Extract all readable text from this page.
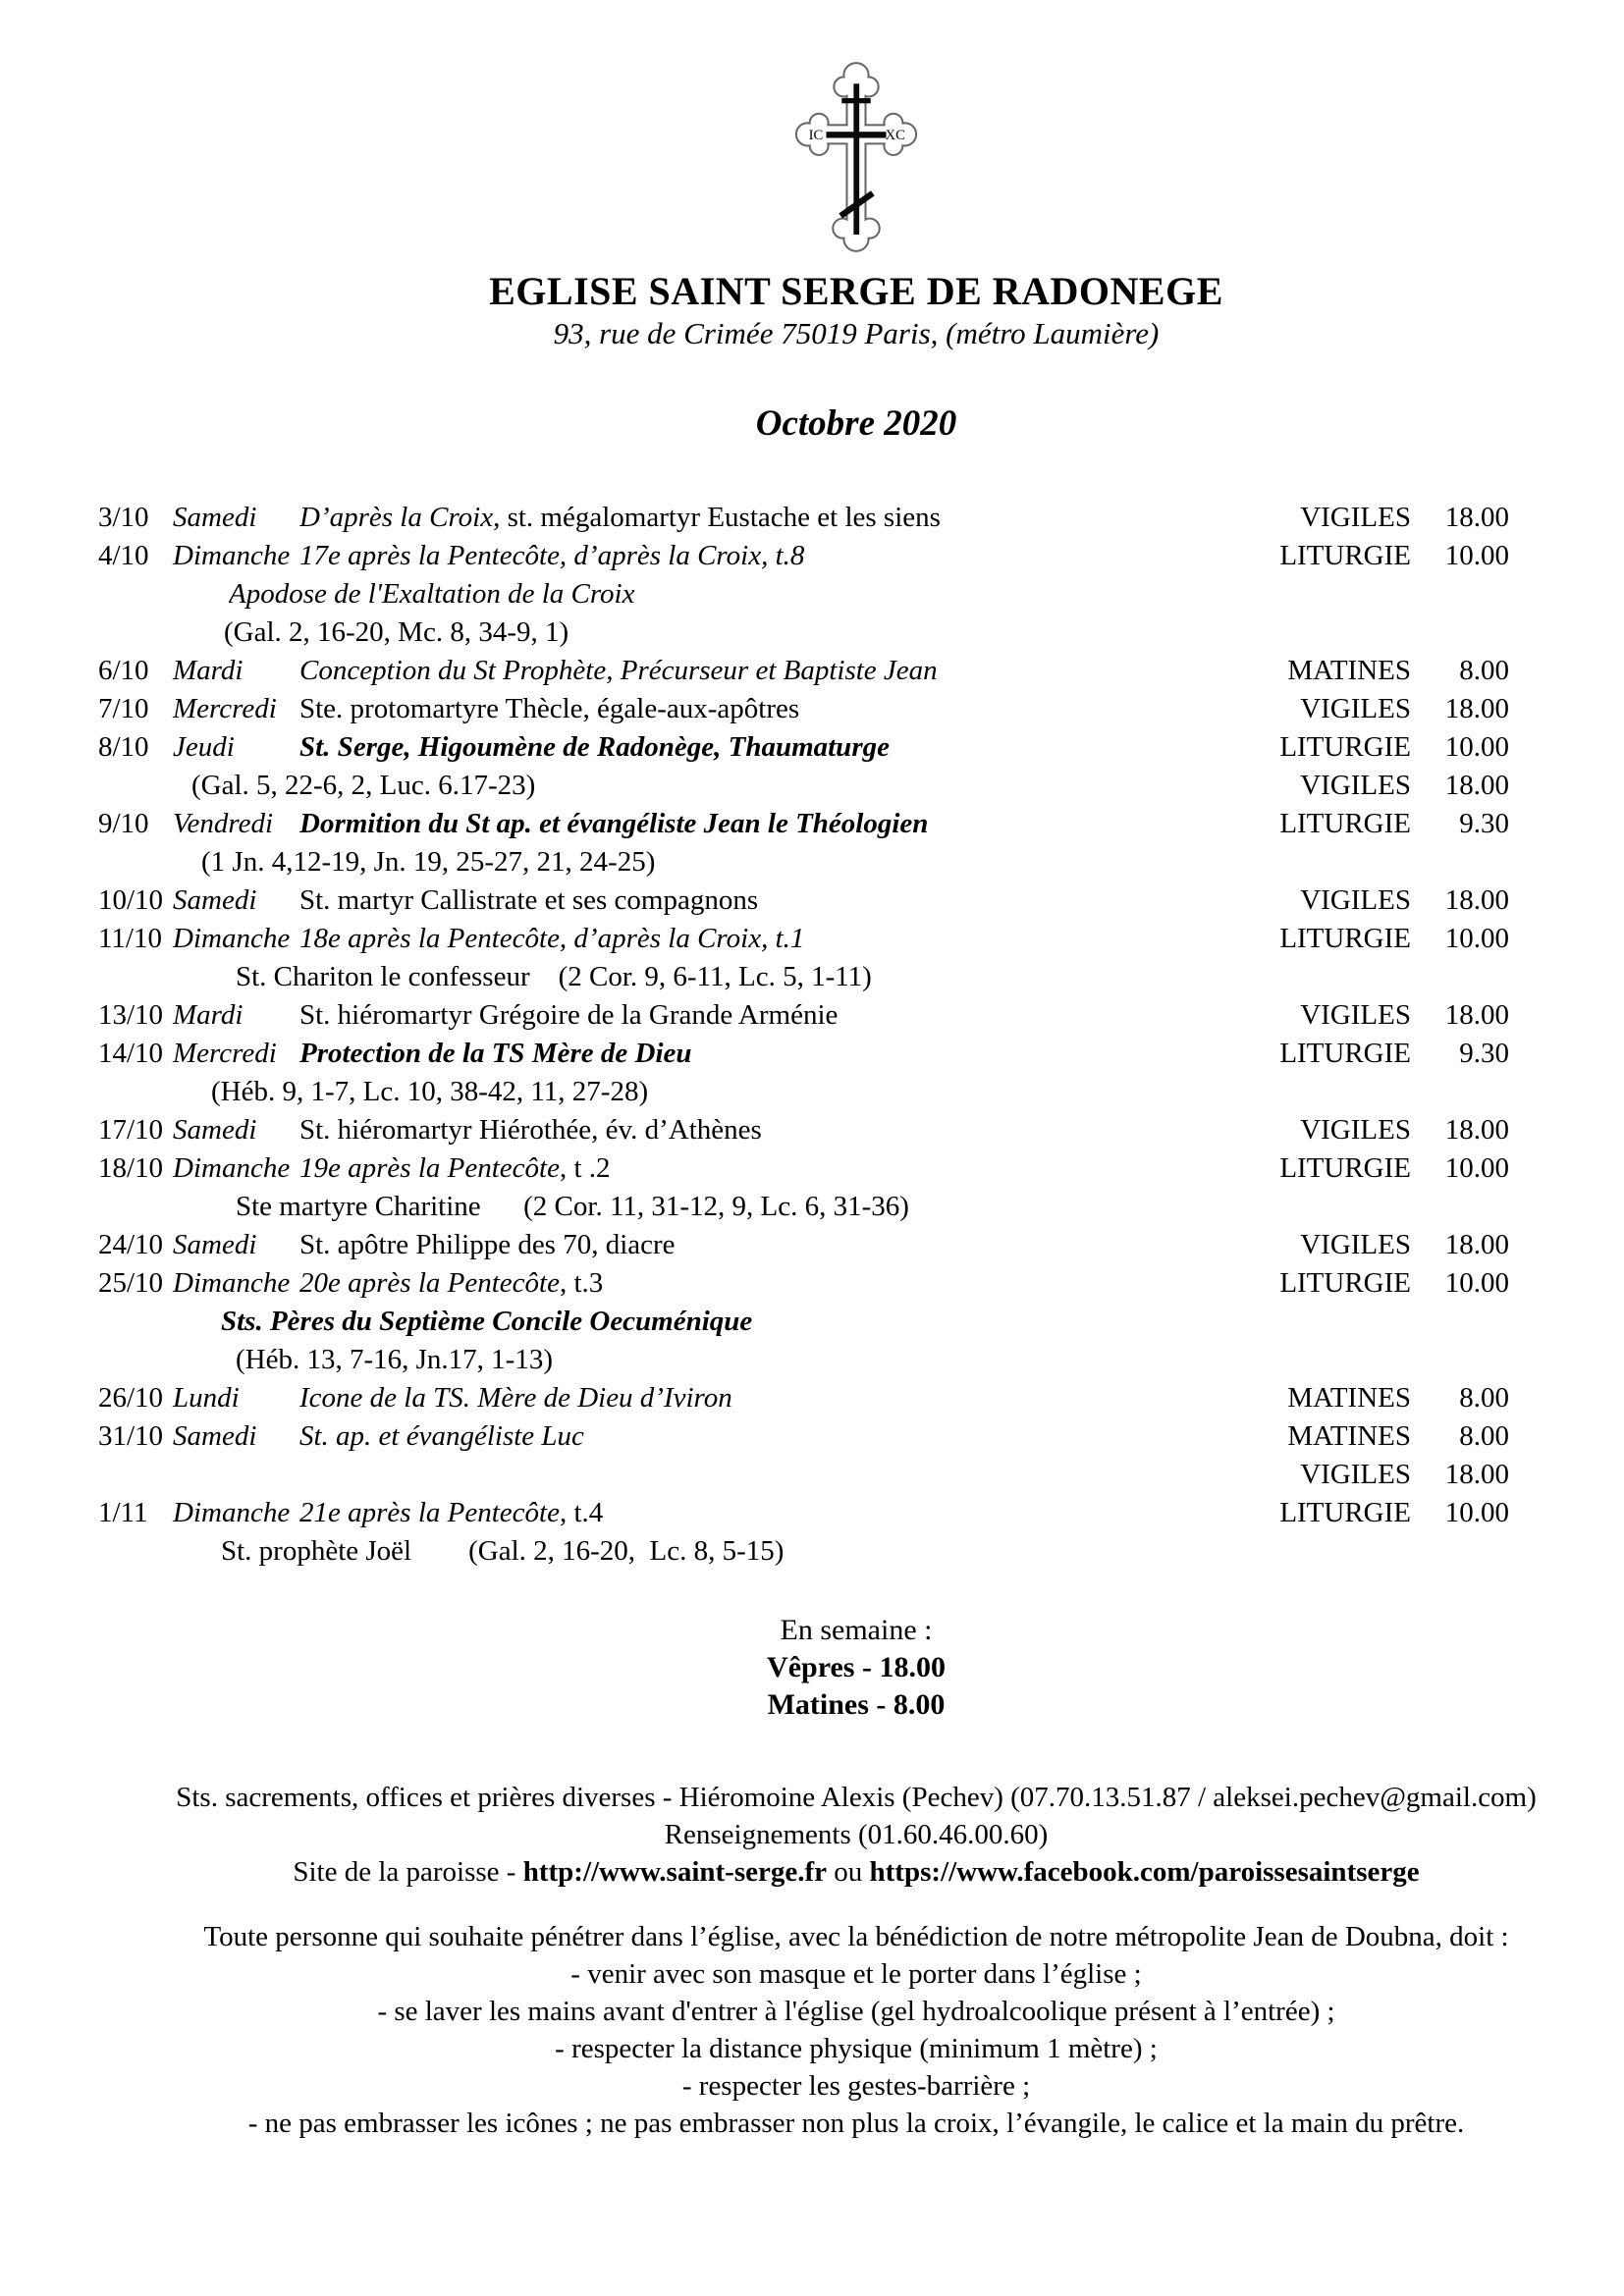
IC	XC
EGLISE SAINT SERGE DE RADONEGE
93, rue de Crimée 75019 Paris, (métro Laumière)
Octobre 2020
3/10 Samedi	D’après la Croix, st. mégalomartyr Eustache et les siens	VIGILES	18.00
4/10 Dimanche 17e après la Pentecôte, d’après la Croix, t.8	LITURGIE	10.00
Apodose de l'Exaltation de la Croix
(Gal. 2, 16-20, Mc. 8, 34-9, 1)
6/10 Mardi	Conception du St Prophète, Précurseur et Baptiste Jean	MATINES	8.00
7/10 Mercredi Ste. protomartyre Thècle, égale-aux-apôtres	VIGILES	18.00
8/10 Jeudi	St. Serge, Higoumène de Radonège, Thaumaturge	LITURGIE	10.00
(Gal. 5, 22-6, 2, Luc. 6.17-23)	VIGILES	18.00
9/10 Vendredi Dormition du St ap. et évangéliste Jean le Théologien	LITURGIE	9.30
(1 Jn. 4,12-19, Jn. 19, 25-27, 21, 24-25)
10/10 Samedi	St. martyr Callistrate et ses compagnons	VIGILES	18.00
11/10 Dimanche 18e après la Pentecôte, d’après la Croix, t.1	LITURGIE	10.00
St. Chariton le confesseur    (2 Cor. 9, 6-11, Lc. 5, 1-11)
13/10 Mardi	St. hiéromartyr Grégoire de la Grande Arménie	VIGILES	18.00
14/10 Mercredi Protection de la TS Mère de Dieu	LITURGIE	9.30
(Héb. 9, 1-7, Lc. 10, 38-42, 11, 27-28)
17/10 Samedi	St. hiéromartyr Hiérothée, év. d’Athènes	VIGILES	18.00
18/10 Dimanche 19e après la Pentecôte, t .2	LITURGIE	10.00
Ste martyre Charitine      (2 Cor. 11, 31-12, 9, Lc. 6, 31-36)
24/10 Samedi	St. apôtre Philippe des 70, diacre	VIGILES	18.00
25/10 Dimanche 20e après la Pentecôte, t.3	LITURGIE	10.00
Sts. Pères du Septième Concile Oecuménique
(Héb. 13, 7-16, Jn.17, 1-13)
26/10 Lundi	Icone de la TS. Mère de Dieu d’Iviron	MATINES	8.00
31/10 Samedi	St. ap. et évangéliste Luc	MATINES	8.00
VIGILES	18.00
1/11 Dimanche 21e après la Pentecôte, t.4	LITURGIE	10.00
St. prophète Joël        (Gal. 2, 16-20,  Lc. 8, 5-15)
En semaine :
Vêpres - 18.00
Matines - 8.00
Sts. sacrements, offices et prières diverses - Hiéromoine Alexis (Pechev) (07.70.13.51.87 / aleksei.pechev@gmail.com)
Renseignements (01.60.46.00.60)
Site de la paroisse - http://www.saint-serge.fr ou https://www.facebook.com/paroissesaintserge
Toute personne qui souhaite pénétrer dans l’église, avec la bénédiction de notre métropolite Jean de Doubna, doit :
- venir avec son masque et le porter dans l’église ;
- se laver les mains avant d'entrer à l'église (gel hydroalcoolique présent à l’entrée) ;
- respecter la distance physique (minimum 1 mètre) ;
- respecter les gestes-barrière ;
- ne pas embrasser les icônes ; ne pas embrasser non plus la croix, l’évangile, le calice et la main du prêtre.
